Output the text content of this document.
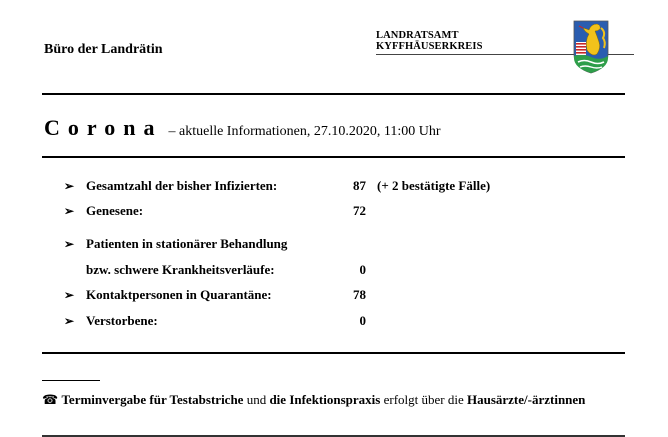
Büro der Landrätin
LANDRATSAMT
KYFFHÄUSERKREIS
Corona – aktuelle Informationen, 27.10.2020, 11:00 Uhr
➢ Gesamtzahl der bisher Infizierten:	87 (+ 2 bestätigte Fälle)
➢ Genesene:	72
➢ Patienten in stationärer Behandlung
bzw. schwere Krankheitsverläufe:	0
➢ Kontaktpersonen in Quarantäne:	78
➢ Verstorbene:	0
☎ Terminvergabe für Testabstriche und die Infektionspraxis erfolgt über die Hausärzte/-ärztinnen
